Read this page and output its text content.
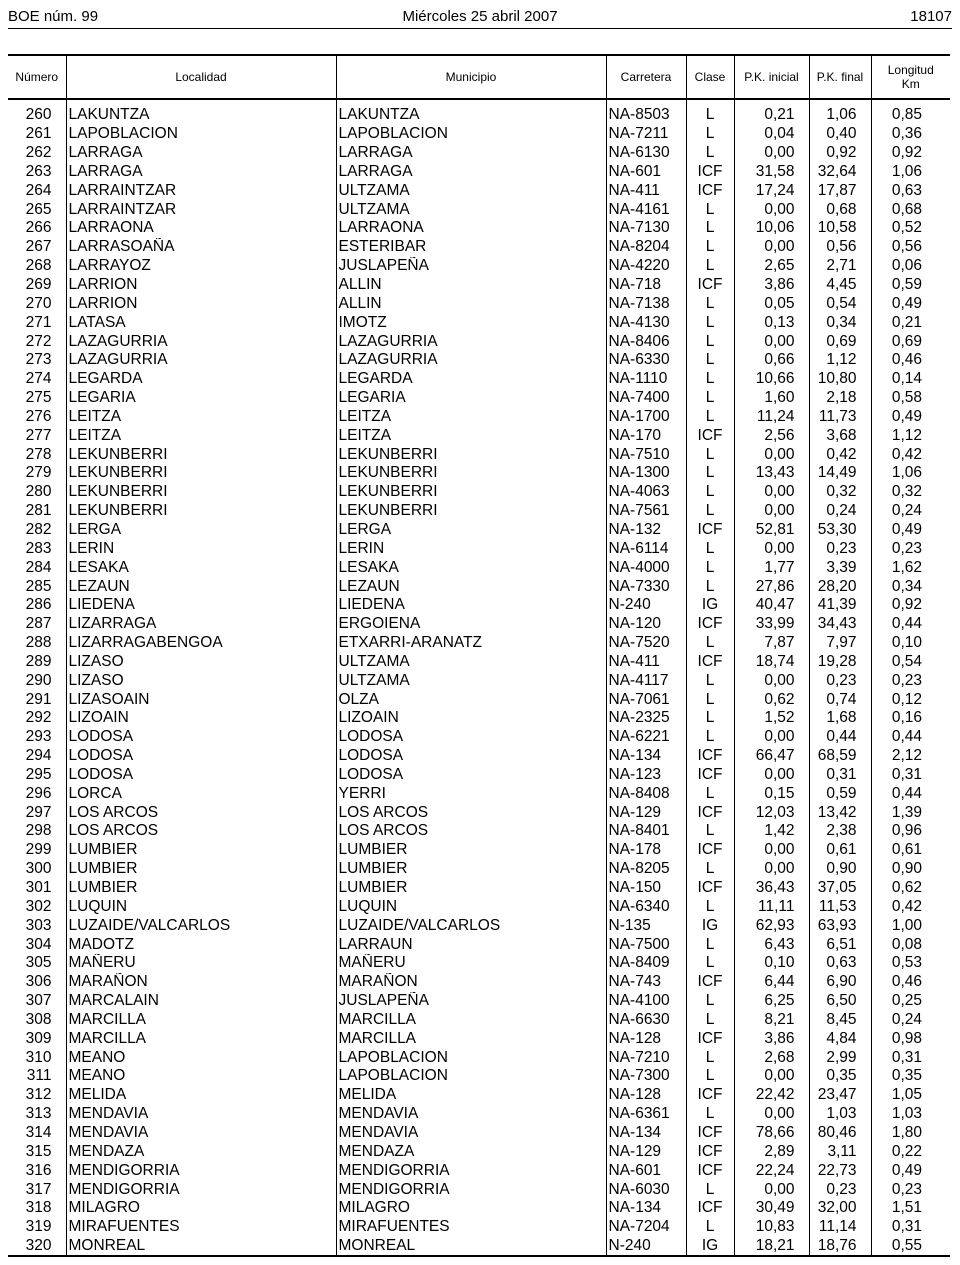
BOE núm. 99	Miércoles 25 abril 2007	18107
Número	Localidad	Municipio	Carretera	Clase	P.K. inicial	P.K. final	Longitud
Km
260	LAKUNTZA	LAKUNTZA	NA-8503	L	0,21	1,06	0,85
261	LAPOBLACION	LAPOBLACION	NA-7211	L	0,04	0,40	0,36
262	LARRAGA	LARRAGA	NA-6130	L	0,00	0,92	0,92
263	LARRAGA	LARRAGA	NA-601	ICF	31,58	32,64	1,06
264	LARRAINTZAR	ULTZAMA	NA-411	ICF	17,24	17,87	0,63
265	LARRAINTZAR	ULTZAMA	NA-4161	L	0,00	0,68	0,68
266	LARRAONA	LARRAONA	NA-7130	L	10,06	10,58	0,52
267	LARRASOAÑA	ESTERIBAR	NA-8204	L	0,00	0,56	0,56
268	LARRAYOZ	JUSLAPEÑA	NA-4220	L	2,65	2,71	0,06
269	LARRION	ALLIN	NA-718	ICF	3,86	4,45	0,59
270	LARRION	ALLIN	NA-7138	L	0,05	0,54	0,49
271	LATASA	IMOTZ	NA-4130	L	0,13	0,34	0,21
272	LAZAGURRIA	LAZAGURRIA	NA-8406	L	0,00	0,69	0,69
273	LAZAGURRIA	LAZAGURRIA	NA-6330	L	0,66	1,12	0,46
274	LEGARDA	LEGARDA	NA-1110	L	10,66	10,80	0,14
275	LEGARIA	LEGARIA	NA-7400	L	1,60	2,18	0,58
276	LEITZA	LEITZA	NA-1700	L	11,24	11,73	0,49
277	LEITZA	LEITZA	NA-170	ICF	2,56	3,68	1,12
278	LEKUNBERRI	LEKUNBERRI	NA-7510	L	0,00	0,42	0,42
279	LEKUNBERRI	LEKUNBERRI	NA-1300	L	13,43	14,49	1,06
280	LEKUNBERRI	LEKUNBERRI	NA-4063	L	0,00	0,32	0,32
281	LEKUNBERRI	LEKUNBERRI	NA-7561	L	0,00	0,24	0,24
282	LERGA	LERGA	NA-132	ICF	52,81	53,30	0,49
283	LERIN	LERIN	NA-6114	L	0,00	0,23	0,23
284	LESAKA	LESAKA	NA-4000	L	1,77	3,39	1,62
285	LEZAUN	LEZAUN	NA-7330	L	27,86	28,20	0,34
286	LIEDENA	LIEDENA	N-240	IG	40,47	41,39	0,92
287	LIZARRAGA	ERGOIENA	NA-120	ICF	33,99	34,43	0,44
288	LIZARRAGABENGOA	ETXARRI-ARANATZ	NA-7520	L	7,87	7,97	0,10
289	LIZASO	ULTZAMA	NA-411	ICF	18,74	19,28	0,54
290	LIZASO	ULTZAMA	NA-4117	L	0,00	0,23	0,23
291	LIZASOAIN	OLZA	NA-7061	L	0,62	0,74	0,12
292	LIZOAIN	LIZOAIN	NA-2325	L	1,52	1,68	0,16
293	LODOSA	LODOSA	NA-6221	L	0,00	0,44	0,44
294	LODOSA	LODOSA	NA-134	ICF	66,47	68,59	2,12
295	LODOSA	LODOSA	NA-123	ICF	0,00	0,31	0,31
296	LORCA	YERRI	NA-8408	L	0,15	0,59	0,44
297	LOS ARCOS	LOS ARCOS	NA-129	ICF	12,03	13,42	1,39
298	LOS ARCOS	LOS ARCOS	NA-8401	L	1,42	2,38	0,96
299	LUMBIER	LUMBIER	NA-178	ICF	0,00	0,61	0,61
300	LUMBIER	LUMBIER	NA-8205	L	0,00	0,90	0,90
301	LUMBIER	LUMBIER	NA-150	ICF	36,43	37,05	0,62
302	LUQUIN	LUQUIN	NA-6340	L	11,11	11,53	0,42
303	LUZAIDE/VALCARLOS	LUZAIDE/VALCARLOS	N-135	IG	62,93	63,93	1,00
304	MADOTZ	LARRAUN	NA-7500	L	6,43	6,51	0,08
305	MAÑERU	MAÑERU	NA-8409	L	0,10	0,63	0,53
306	MARAÑON	MARAÑON	NA-743	ICF	6,44	6,90	0,46
307	MARCALAIN	JUSLAPEÑA	NA-4100	L	6,25	6,50	0,25
308	MARCILLA	MARCILLA	NA-6630	L	8,21	8,45	0,24
309	MARCILLA	MARCILLA	NA-128	ICF	3,86	4,84	0,98
310	MEANO	LAPOBLACION	NA-7210	L	2,68	2,99	0,31
311	MEANO	LAPOBLACION	NA-7300	L	0,00	0,35	0,35
312	MELIDA	MELIDA	NA-128	ICF	22,42	23,47	1,05
313	MENDAVIA	MENDAVIA	NA-6361	L	0,00	1,03	1,03
314	MENDAVIA	MENDAVIA	NA-134	ICF	78,66	80,46	1,80
315	MENDAZA	MENDAZA	NA-129	ICF	2,89	3,11	0,22
316	MENDIGORRIA	MENDIGORRIA	NA-601	ICF	22,24	22,73	0,49
317	MENDIGORRIA	MENDIGORRIA	NA-6030	L	0,00	0,23	0,23
318	MILAGRO	MILAGRO	NA-134	ICF	30,49	32,00	1,51
319	MIRAFUENTES	MIRAFUENTES	NA-7204	L	10,83	11,14	0,31
320	MONREAL	MONREAL	N-240	IG	18,21	18,76	0,55
